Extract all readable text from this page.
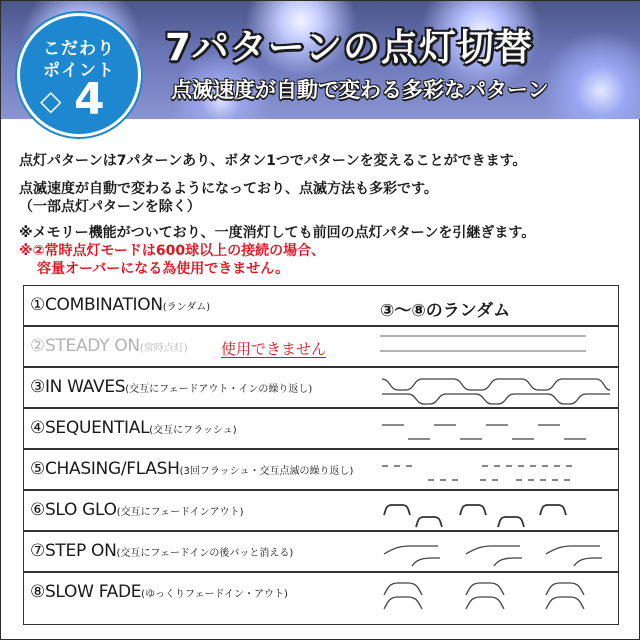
こだわり
ポイント
◇ 4
7パターンの点灯切替
点滅速度が自動で変わる多彩なパターン
点灯パターンは7パターンあり、ボタン1つでパターンを変えることができます。
点滅速度が自動で変わるようになっており、点滅方法も多彩です。
（一部点灯パターンを除く）
※メモリー機能がついており、一度消灯しても前回の点灯パターンを引継ぎます。
※②常時点灯モードは600球以上の接続の場合、
容量オーバーになる為使用できません。
①COMBINATION(ランダム)	③〜⑧のランダム
②STEADY ON(常時点灯) 使用できません
③IN WAVES(交互にフェードアウト・インの繰り返し)
④SEQUENTIAL(交互にフラッシュ)
⑤CHASING/FLASH(3回フラッシュ・交互点滅の繰り返し)
⑥SLO GLO(交互にフェードインアウト)
⑦STEP ON(交互にフェードインの後パッと消える)
⑧SLOW FADE(ゆっくりフェードイン・アウト)
